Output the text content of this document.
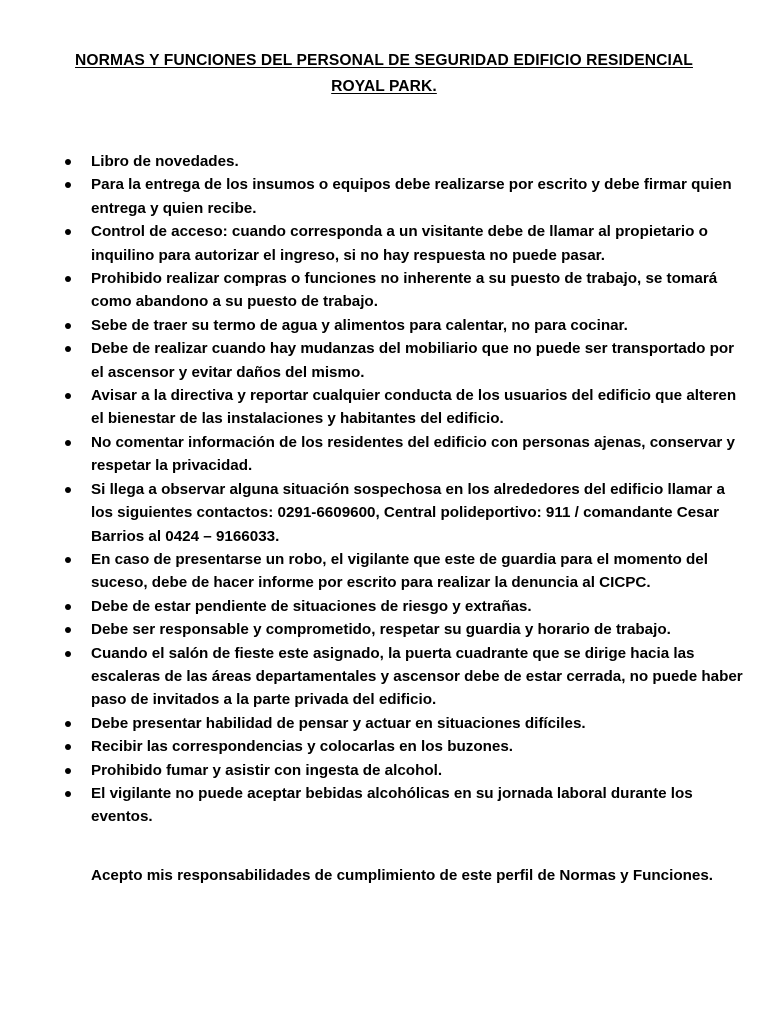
NORMAS Y FUNCIONES DEL PERSONAL DE SEGURIDAD EDIFICIO RESIDENCIAL
ROYAL PARK.
Libro de novedades.
Para la entrega de los insumos o equipos debe realizarse por escrito y debe firmar quien entrega y quien recibe.
Control de acceso: cuando corresponda a un visitante debe de llamar al propietario o inquilino para autorizar el ingreso, si no hay respuesta no puede pasar.
Prohibido realizar compras o funciones no inherente a su puesto de trabajo, se tomará como abandono a su puesto de trabajo.
Sebe de traer su termo de agua y alimentos para calentar, no para cocinar.
Debe de realizar cuando hay mudanzas del mobiliario que no puede ser transportado por el ascensor y evitar daños del mismo.
Avisar a la directiva y reportar cualquier conducta de los usuarios del edificio que alteren el bienestar de las instalaciones y habitantes del edificio.
No comentar información de los residentes del edificio con personas ajenas, conservar y respetar la privacidad.
Si llega a observar alguna situación sospechosa en los alrededores del edificio llamar a los siguientes contactos: 0291-6609600, Central polideportivo: 911 / comandante Cesar Barrios al 0424 – 9166033.
En caso de presentarse un robo, el vigilante que este de guardia para el momento del suceso, debe de hacer informe por escrito para realizar la denuncia al CICPC.
Debe de estar pendiente de situaciones de riesgo y extrañas.
Debe ser responsable y comprometido, respetar su guardia y horario de trabajo.
Cuando el salón de fieste este asignado, la puerta cuadrante que se dirige hacia las escaleras de las áreas departamentales y ascensor debe de estar cerrada, no puede haber paso de invitados a la parte privada del edificio.
Debe presentar habilidad de pensar y actuar en situaciones difíciles.
Recibir las correspondencias y colocarlas en los buzones.
Prohibido fumar y asistir con ingesta de alcohol.
El vigilante no puede aceptar bebidas alcohólicas en su jornada laboral durante los eventos.

Acepto mis responsabilidades de cumplimiento de este perfil de Normas y Funciones.
